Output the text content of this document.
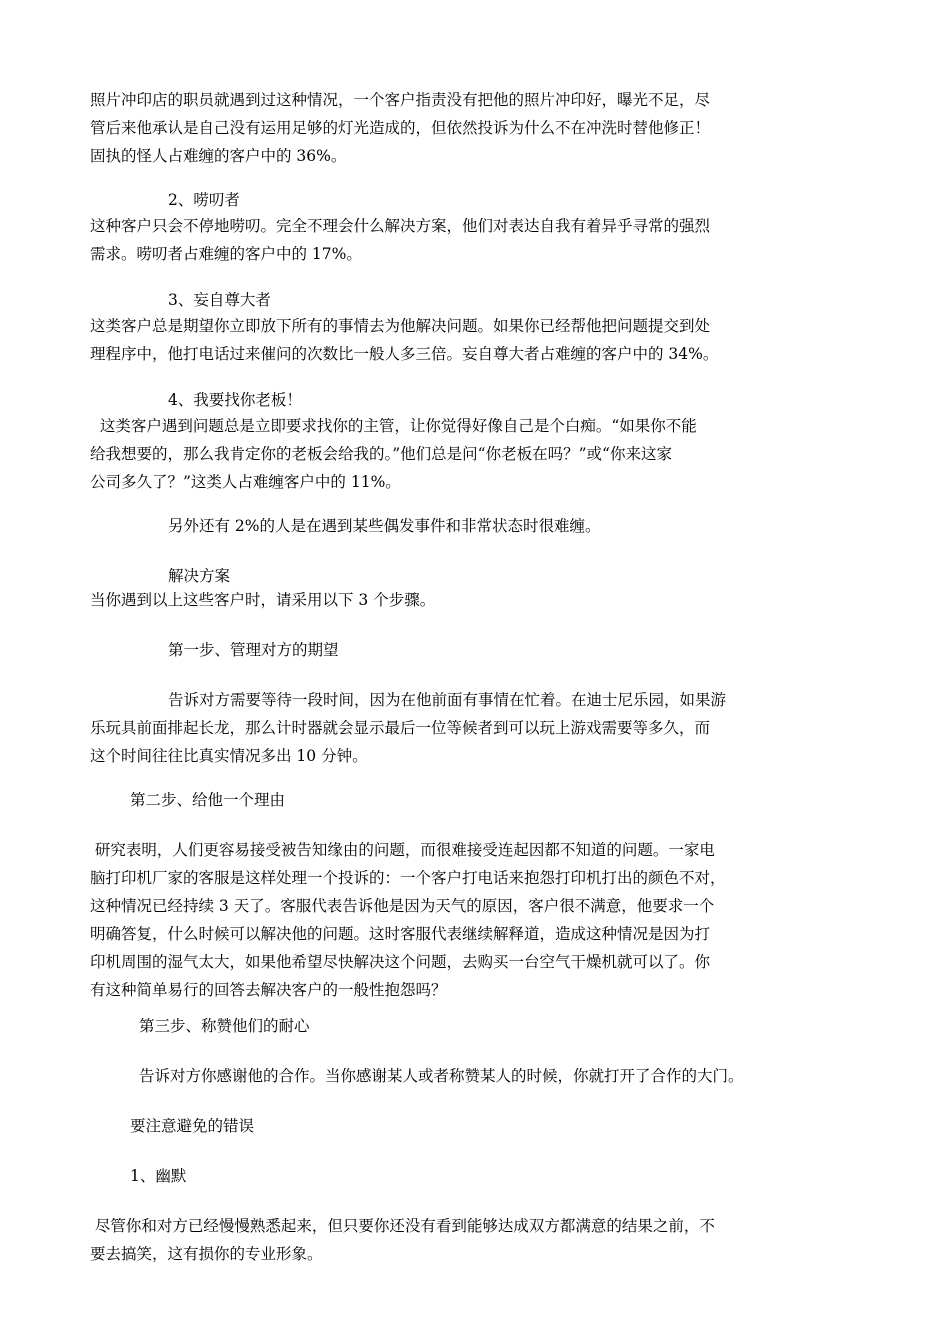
照片冲印店的职员就遇到过这种情况，一个客户指责没有把他的照片冲印好，曝光不足，尽
管后来他承认是自己没有运用足够的灯光造成的，但依然投诉为什么不在冲洗时替他修正！
固执的怪人占难缠的客户中的 36%。
2、唠叨者
这种客户只会不停地唠叨。完全不理会什么解决方案，他们对表达自我有着异乎寻常的强烈
需求。唠叨者占难缠的客户中的 17%。
3、妄自尊大者
这类客户总是期望你立即放下所有的事情去为他解决问题。如果你已经帮他把问题提交到处
理程序中，他打电话过来催问的次数比一般人多三倍。妄自尊大者占难缠的客户中的 34%。
4、我要找你老板！
这类客户遇到问题总是立即要求找你的主管，让你觉得好像自己是个白痴。“如果你不能
给我想要的，那么我肯定你的老板会给我的。”他们总是问“你老板在吗？”或“你来这家
公司多久了？”这类人占难缠客户中的 11%。
另外还有 2%的人是在遇到某些偶发事件和非常状态时很难缠。
解决方案
当你遇到以上这些客户时，请采用以下 3 个步骤。
第一步、管理对方的期望
告诉对方需要等待一段时间，因为在他前面有事情在忙着。在迪士尼乐园，如果游
乐玩具前面排起长龙，那么计时器就会显示最后一位等候者到可以玩上游戏需要等多久，而
这个时间往往比真实情况多出 10 分钟。
第二步、给他一个理由
研究表明，人们更容易接受被告知缘由的问题，而很难接受连起因都不知道的问题。一家电
脑打印机厂家的客服是这样处理一个投诉的：一个客户打电话来抱怨打印机打出的颜色不对，
这种情况已经持续 3 天了。客服代表告诉他是因为天气的原因，客户很不满意，他要求一个
明确答复，什么时候可以解决他的问题。这时客服代表继续解释道，造成这种情况是因为打
印机周围的湿气太大，如果他希望尽快解决这个问题，去购买一台空气干燥机就可以了。你
有这种简单易行的回答去解决客户的一般性抱怨吗？
第三步、称赞他们的耐心
告诉对方你感谢他的合作。当你感谢某人或者称赞某人的时候，你就打开了合作的大门。
要注意避免的错误
1、幽默
尽管你和对方已经慢慢熟悉起来，但只要你还没有看到能够达成双方都满意的结果之前，不
要去搞笑，这有损你的专业形象。
